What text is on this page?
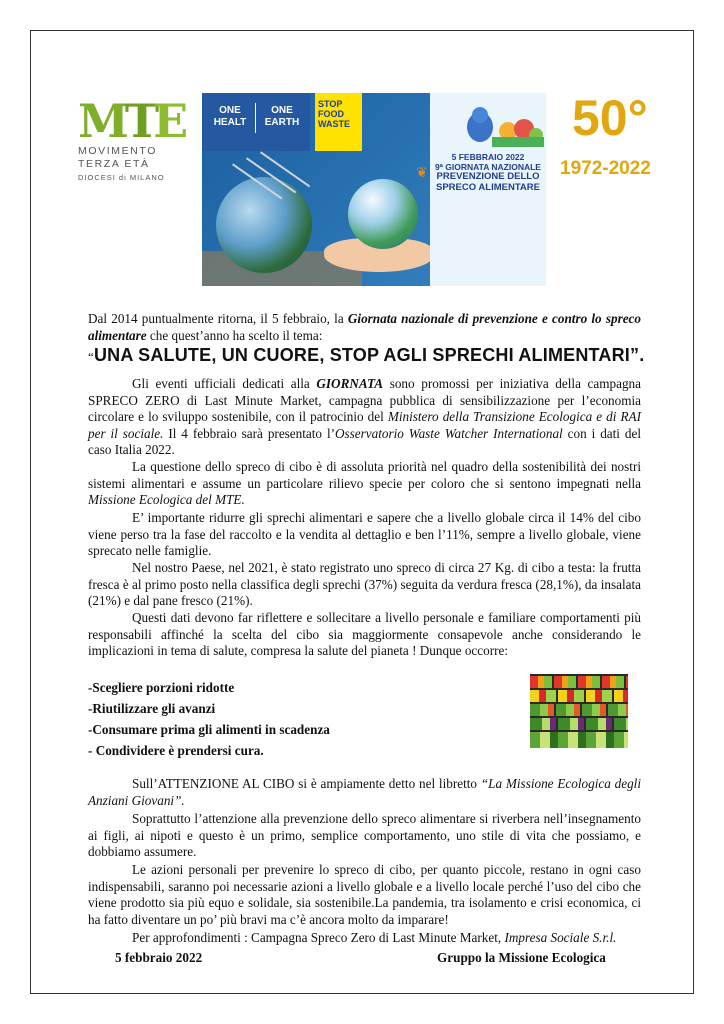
M
T
E
MOVIMENTO
TERZA ETÀ
DIOCESI di MILANO
ONE HEALT
ONE EARTH
STOP FOOD WASTE
❦
5 FEBBRAIO 2022
9ª GIORNATA NAZIONALE
PREVENZIONE DELLO SPRECO ALIMENTARE
50°
1972-2022
Dal 2014 puntualmente ritorna, il 5 febbraio, la Giornata nazionale di prevenzione e contro lo spreco alimentare che quest’anno ha scelto il tema:
“UNA SALUTE, UN CUORE, STOP AGLI SPRECHI ALIMENTARI”.
Gli eventi ufficiali dedicati alla GIORNATA sono promossi per iniziativa della campagna SPRECO ZERO di Last Minute Market, campagna pubblica di sensibilizzazione per l’economia circolare e lo sviluppo sostenibile, con il patrocinio del Ministero della Transizione Ecologica e di RAI per il sociale. Il 4 febbraio sarà presentato l’Osservatorio Waste Watcher International con i dati del caso Italia 2022.
La questione dello spreco di cibo è di assoluta priorità nel quadro della sostenibilità dei nostri sistemi alimentari e assume un particolare rilievo specie per coloro che si sentono impegnati nella Missione Ecologica del MTE.
E’ importante ridurre gli sprechi alimentari e sapere che a livello globale circa il 14% del cibo viene perso tra la fase del raccolto e la vendita al dettaglio e ben l’11%, sempre a livello globale, viene sprecato nelle famiglie.
Nel nostro Paese, nel 2021, è stato registrato uno spreco di circa 27 Kg. di cibo a testa: la frutta fresca è al primo posto nella classifica degli sprechi (37%) seguita da verdura fresca (28,1%), da insalata (21%) e dal pane fresco (21%).
Questi dati devono far riflettere e sollecitare a livello personale e familiare comportamenti più responsabili affinché la scelta del cibo sia maggiormente consapevole anche considerando le implicazioni in tema di salute, compresa la salute del pianeta ! Dunque occorre:
-Scegliere porzioni ridotte
-Riutilizzare gli avanzi
-Consumare prima gli alimenti in scadenza
- Condividere è prendersi cura.
Sull’ATTENZIONE AL CIBO si è ampiamente detto nel libretto “La Missione Ecologica degli Anziani Giovani”.
Soprattutto l’attenzione alla prevenzione dello spreco alimentare si riverbera nell’insegnamento ai figli, ai nipoti e questo è un primo, semplice comportamento, uno stile di vita che possiamo, e dobbiamo assumere.
Le azioni personali per prevenire lo spreco di cibo, per quanto piccole, restano in ogni caso indispensabili, saranno poi necessarie azioni a livello globale e a livello locale perché l’uso del cibo che viene prodotto sia più equo e solidale, sia sostenibile.La pandemia, tra isolamento e crisi economica, ci ha fatto diventare un po’ più bravi ma c’è ancora molto da imparare!
Per approfondimenti : Campagna Spreco Zero di Last Minute Market, Impresa Sociale S.r.l.
5 febbraio 2022	Gruppo la Missione Ecologica
